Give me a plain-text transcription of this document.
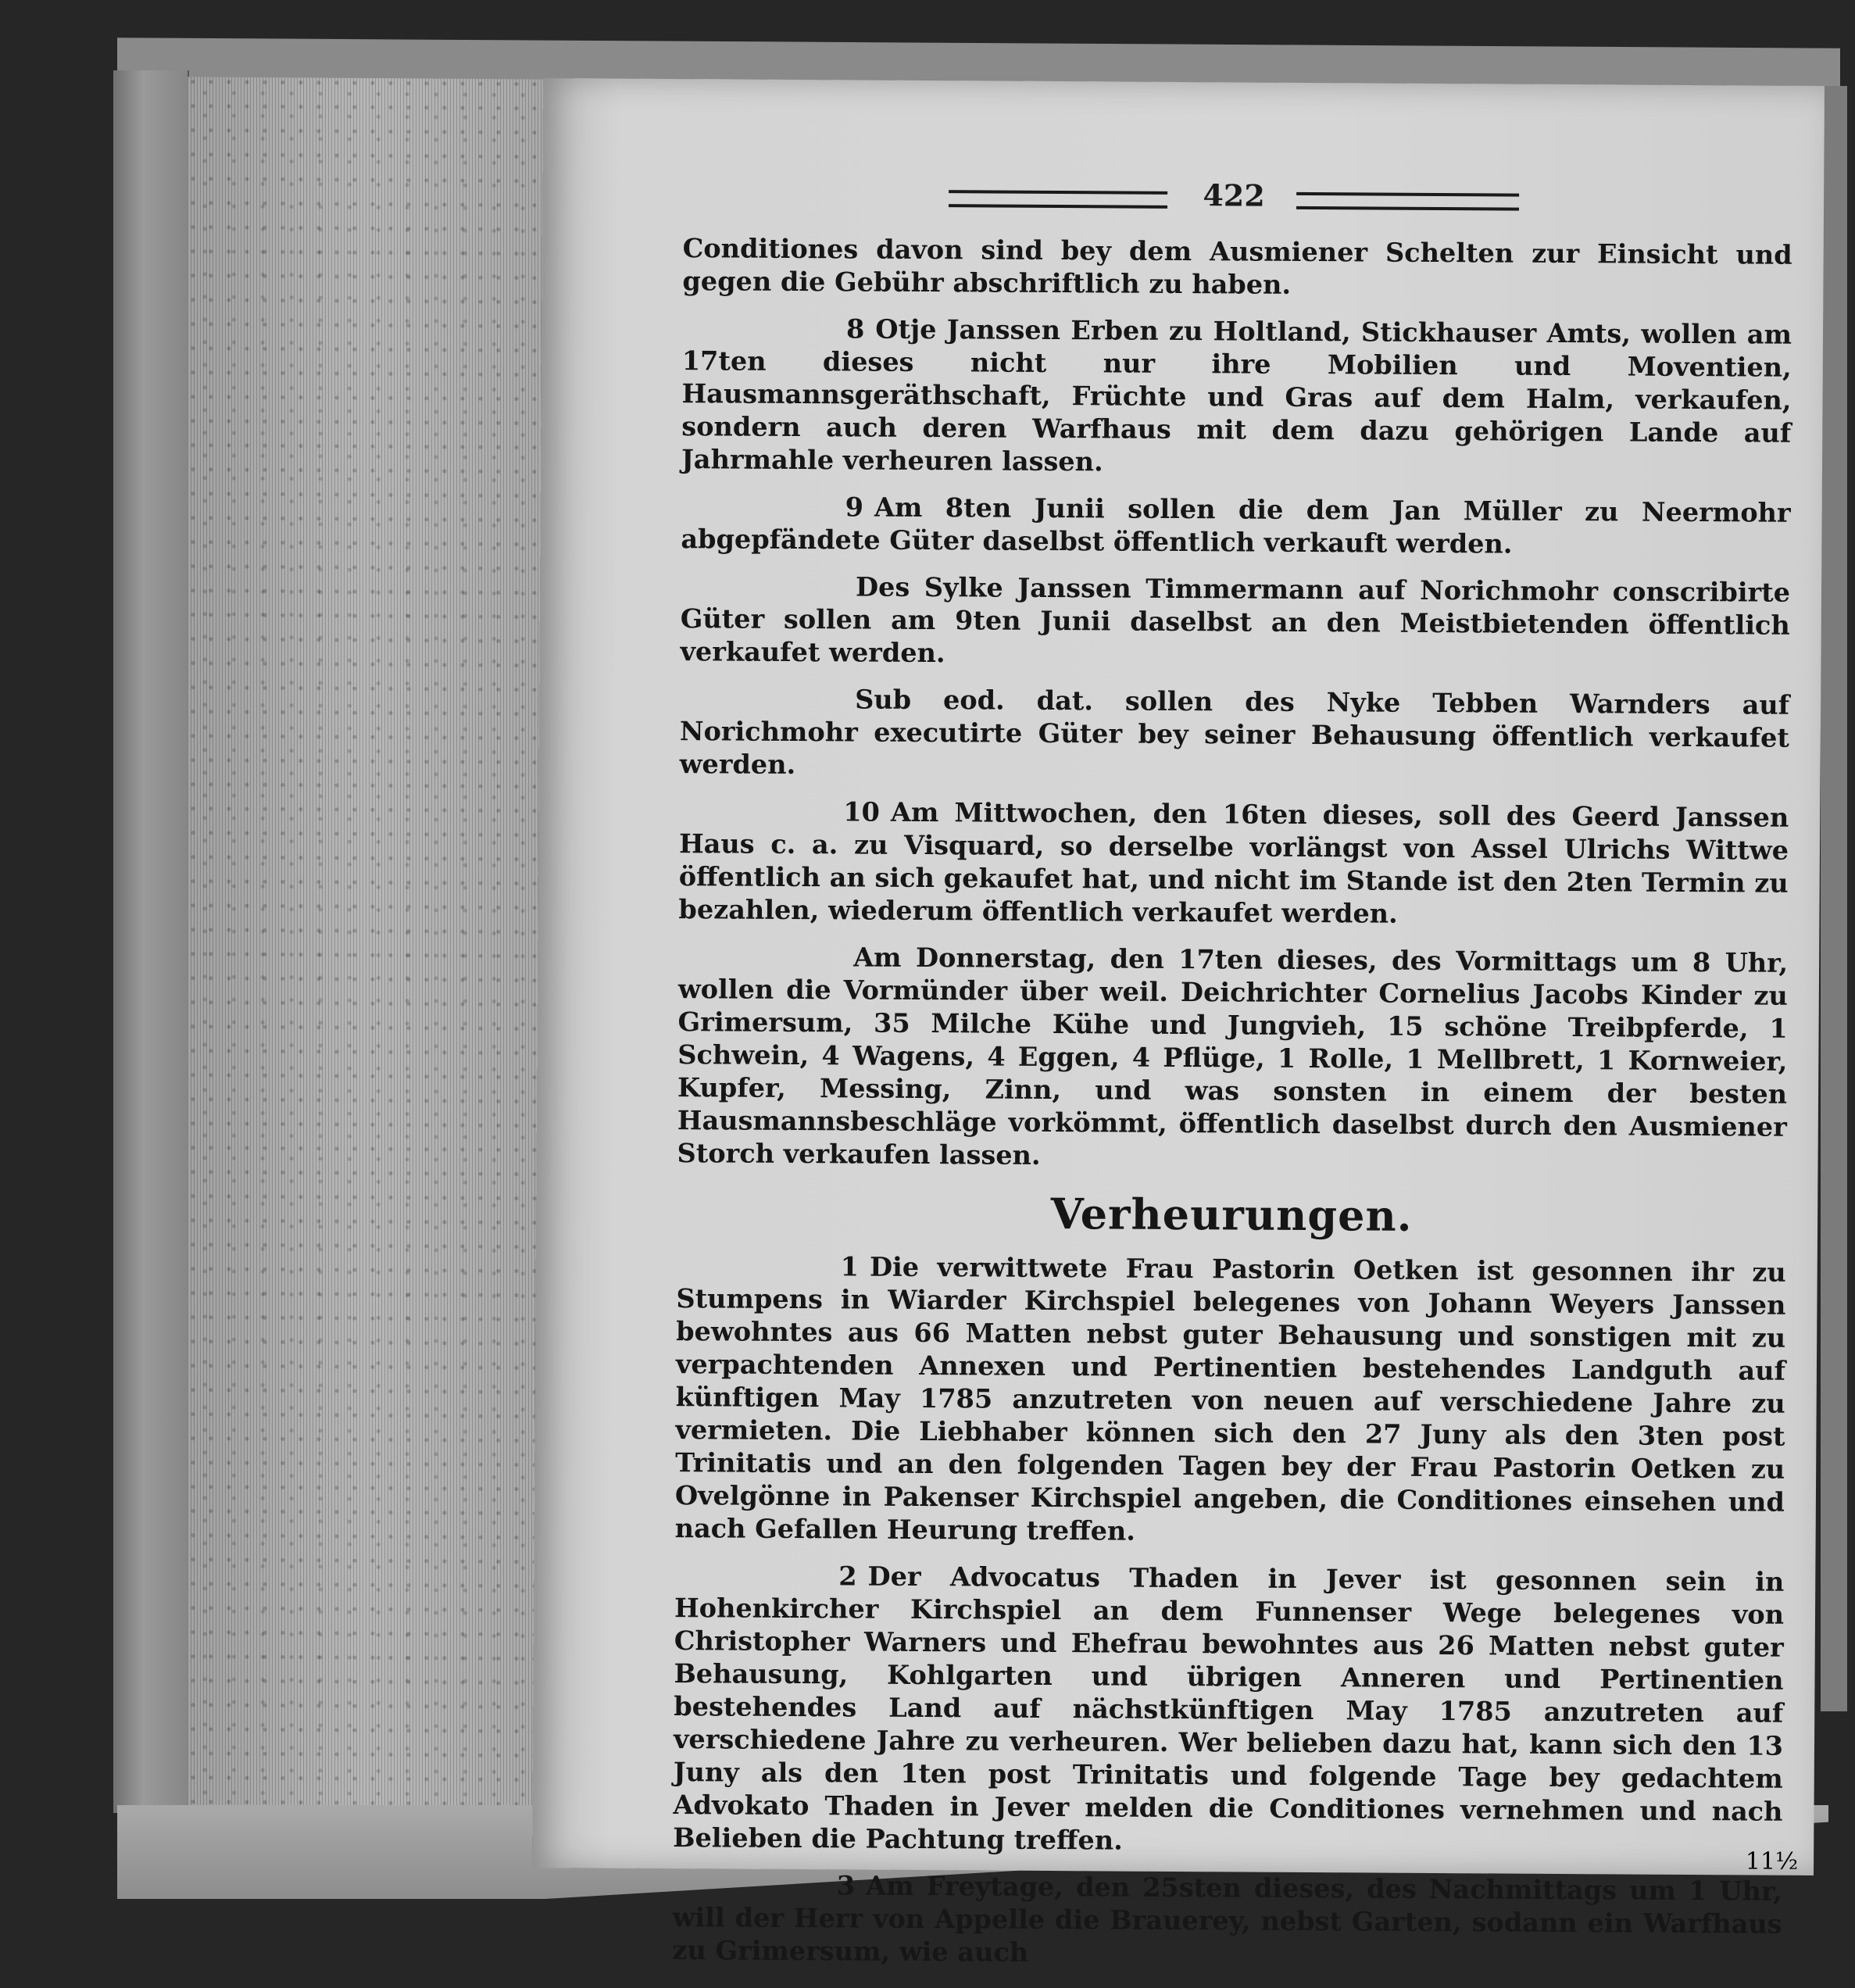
422

Conditiones davon sind bey dem Ausmiener Schelten zur Einsicht und gegen die Gebühr abschriftlich zu haben.

8 Otje Janssen Erben zu Holtland, Stickhauser Amts, wollen am 17ten dieses nicht nur ihre Mobilien und Moventien, Hausmannsgeräthschaft, Früchte und Gras auf dem Halm, verkaufen, sondern auch deren Warfhaus mit dem dazu gehörigen Lande auf Jahrmahle verheuren lassen.

9 Am 8ten Junii sollen die dem Jan Müller zu Neermohr abgepfändete Güter daselbst öffentlich verkauft werden.

Des Sylke Janssen Timmermann auf Norichmohr conscribirte Güter sollen am 9ten Junii daselbst an den Meistbietenden öffentlich verkaufet werden.

Sub eod. dat. sollen des Nyke Tebben Warnders auf Norichmohr executirte Güter bey seiner Behausung öffentlich verkaufet werden.

10 Am Mittwochen, den 16ten dieses, soll des Geerd Janssen Haus c. a. zu Visquard, so derselbe vorlängst von Assel Ulrichs Wittwe öffentlich an sich gekaufet hat, und nicht im Stande ist den 2ten Termin zu bezahlen, wiederum öffentlich verkaufet werden.

Am Donnerstag, den 17ten dieses, des Vormittags um 8 Uhr, wollen die Vormünder über weil. Deichrichter Cornelius Jacobs Kinder zu Grimersum, 35 Milche Kühe und Jungvieh, 15 schöne Treibpferde, 1 Schwein, 4 Wagens, 4 Eggen, 4 Pflüge, 1 Rolle, 1 Mellbrett, 1 Kornweier, Kupfer, Messing, Zinn, und was sonsten in einem der besten Hausmannsbeschläge vorkömmt, öffentlich daselbst durch den Ausmiener Storch verkaufen lassen.

Verheurungen.

1 Die verwittwete Frau Pastorin Oetken ist gesonnen ihr zu Stumpens in Wiarder Kirchspiel belegenes von Johann Weyers Janssen bewohntes aus 66 Matten nebst guter Behausung und sonstigen mit zu verpachtenden Annexen und Pertinentien bestehendes Landguth auf künftigen May 1785 anzutreten von neuen auf verschiedene Jahre zu vermieten. Die Liebhaber können sich den 27 Juny als den 3ten post Trinitatis und an den folgenden Tagen bey der Frau Pastorin Oetken zu Ovelgönne in Pakenser Kirchspiel angeben, die Conditiones einsehen und nach Gefallen Heurung treffen.

2 Der Advocatus Thaden in Jever ist gesonnen sein in Hohenkircher Kirchspiel an dem Funnenser Wege belegenes von Christopher Warners und Ehefrau bewohntes aus 26 Matten nebst guter Behausung, Kohlgarten und übrigen Anneren und Pertinentien bestehendes Land auf nächstkünftigen May 1785 anzutreten auf verschiedene Jahre zu verheuren. Wer belieben dazu hat, kann sich den 13 Juny als den 1ten post Trinitatis und folgende Tage bey gedachtem Advokato Thaden in Jever melden die Conditiones vernehmen und nach Belieben die Pachtung treffen.

3 Am Freytage, den 25sten dieses, des Nachmittags um 1 Uhr, will der Herr von Appelle die Brauerey, nebst Garten, sodann ein Warfhaus zu Grimersum, wie auch

11½
